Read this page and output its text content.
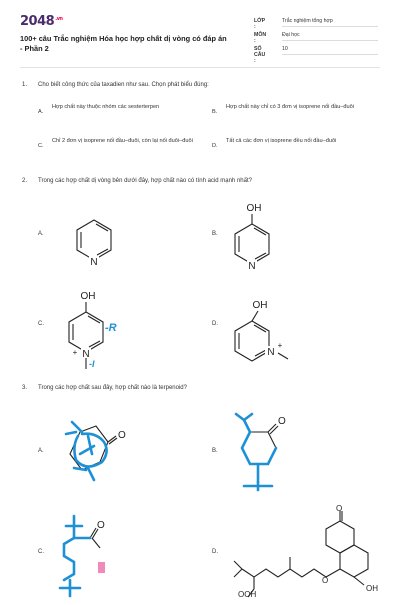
$2048^{.vn}$
100+ câu Trắc nghiệm Hóa học hợp chất dị vòng có đáp án - Phần 2
LỚP :
Trắc nghiệm tổng hợp
MÔN :
Đại học
SỐ CÂU :
10
1. Cho biết công thức của taxadien như sau. Chọn phát biểu đúng:
A.
Hợp chất này thuộc nhóm các sesterterpen
B.
Hợp chất này chỉ có 3 đơn vị isoprene nối đầu–đuôi
C.
Chỉ 2 đơn vị isoprene nối đầu–đuôi, còn lại nối đuôi–đuôi
D.
Tất cả các đơn vị isoprene đều nối đầu–đuôi
2. Trong các hợp chất dị vòng bên dưới đây, hợp chất nào có tính acid mạnh nhất?
A.	B.
C.	D.
N
OH
N
OH
N
+
-R
-I
OH
N
+
3. Trong các hợp chất sau đây, hợp chất nào là terpenoid?
A.	B.
C.	D.
O
O
O
O
O
OH
OOH
